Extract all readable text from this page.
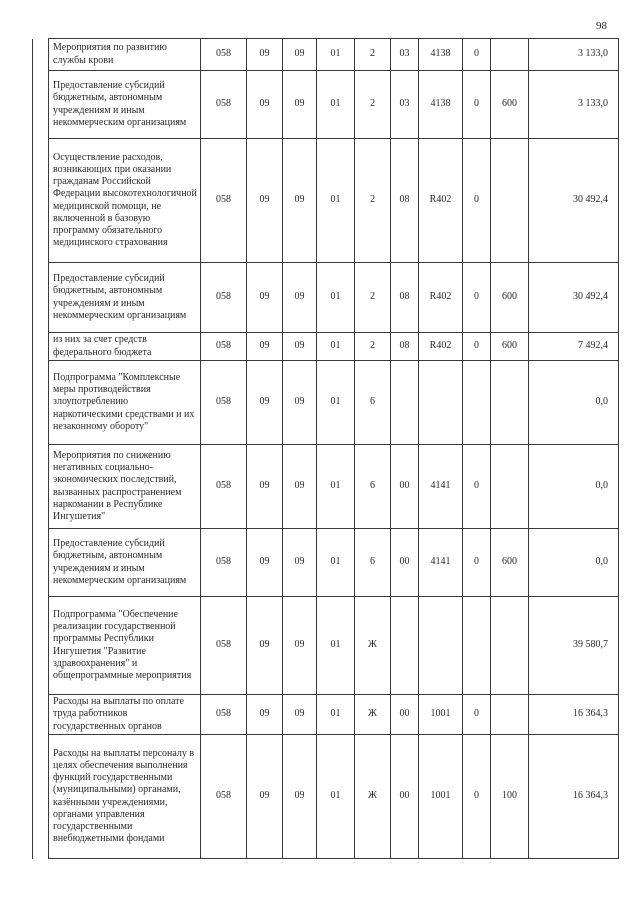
98
	Мероприятия по развитию службы крови	058	09	09	01	2	03	4138	0		3 133,0
	Предоставление субсидий бюджетным, автономным учреждениям и иным некоммерческим организациям	058	09	09	01	2	03	4138	0	600	3 133,0
	Осуществление расходов, возникающих при оказании гражданам Российской Федерации высокотехнологичной медицинской помощи, не включенной в базовую программу обязательного медицинского страхования	058	09	09	01	2	08	R402	0		30 492,4
	Предоставление субсидий бюджетным, автономным учреждениям и иным некоммерческим организациям	058	09	09	01	2	08	R402	0	600	30 492,4
	из них за счет средств федерального бюджета	058	09	09	01	2	08	R402	0	600	7 492,4
	Подпрограмма "Комплексные меры противодействия злоупотреблению наркотическими средствами и их незаконному обороту"	058	09	09	01	6					0,0
	Мероприятия по снижению негативных социально-экономических последствий, вызванных распространением наркомании в Республике Ингушетия"	058	09	09	01	6	00	4141	0		0,0
	Предоставление субсидий бюджетным, автономным учреждениям и иным некоммерческим организациям	058	09	09	01	6	00	4141	0	600	0,0
	Подпрограмма "Обеспечение реализации государственной программы Республики Ингушетия "Развитие здравоохранения" и общепрограммные мероприятия	058	09	09	01	Ж					39 580,7
	Расходы на выплаты по оплате труда работников государственных органов	058	09	09	01	Ж	00	1001	0		16 364,3
	Расходы на выплаты персоналу в целях обеспечения выполнения функций государственными (муниципальными) органами, казёнными учреждениями, органами управления государственными внебюджетными фондами	058	09	09	01	Ж	00	1001	0	100	16 364,3
